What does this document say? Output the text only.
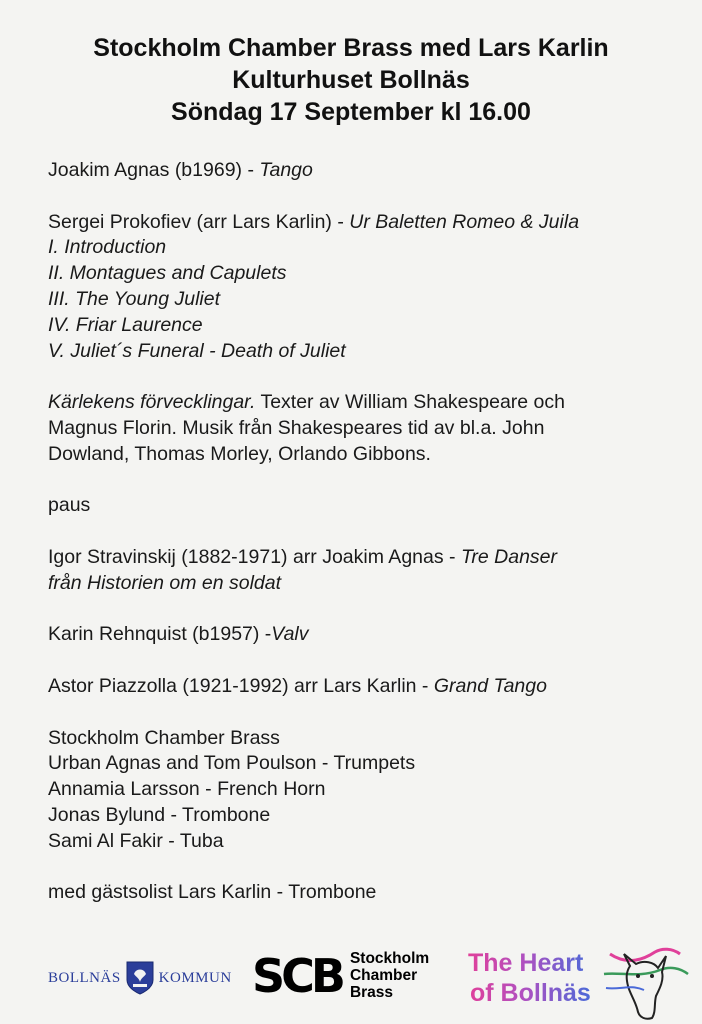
Stockholm Chamber Brass med Lars Karlin
Kulturhuset Bollnäs
Söndag 17 September kl 16.00

Joakim Agnas (b1969) - Tango

Sergei Prokofiev (arr Lars Karlin) - Ur Baletten Romeo & Juila
I. Introduction
II. Montagues and Capulets
III. The Young Juliet
IV. Friar Laurence
V. Juliet´s Funeral - Death of Juliet

Kärlekens förvecklingar. Texter av William Shakespeare och
Magnus Florin. Musik från Shakespeares tid av bl.a. John
Dowland, Thomas Morley, Orlando Gibbons.

paus

Igor Stravinskij (1882-1971) arr Joakim Agnas - Tre Danser
från Historien om en soldat

Karin Rehnquist (b1957) -Valv

Astor Piazzolla (1921-1992) arr Lars Karlin - Grand Tango

Stockholm Chamber Brass
Urban Agnas and Tom Poulson - Trumpets
Annamia Larsson - French Horn
Jonas Bylund - Trombone
Sami Al Fakir - Tuba

med gästsolist Lars Karlin - Trombone

BOLLNÄS	KOMMUN SCB Stockholm
Chamber
Brass
The Heart
of Bollnäs
